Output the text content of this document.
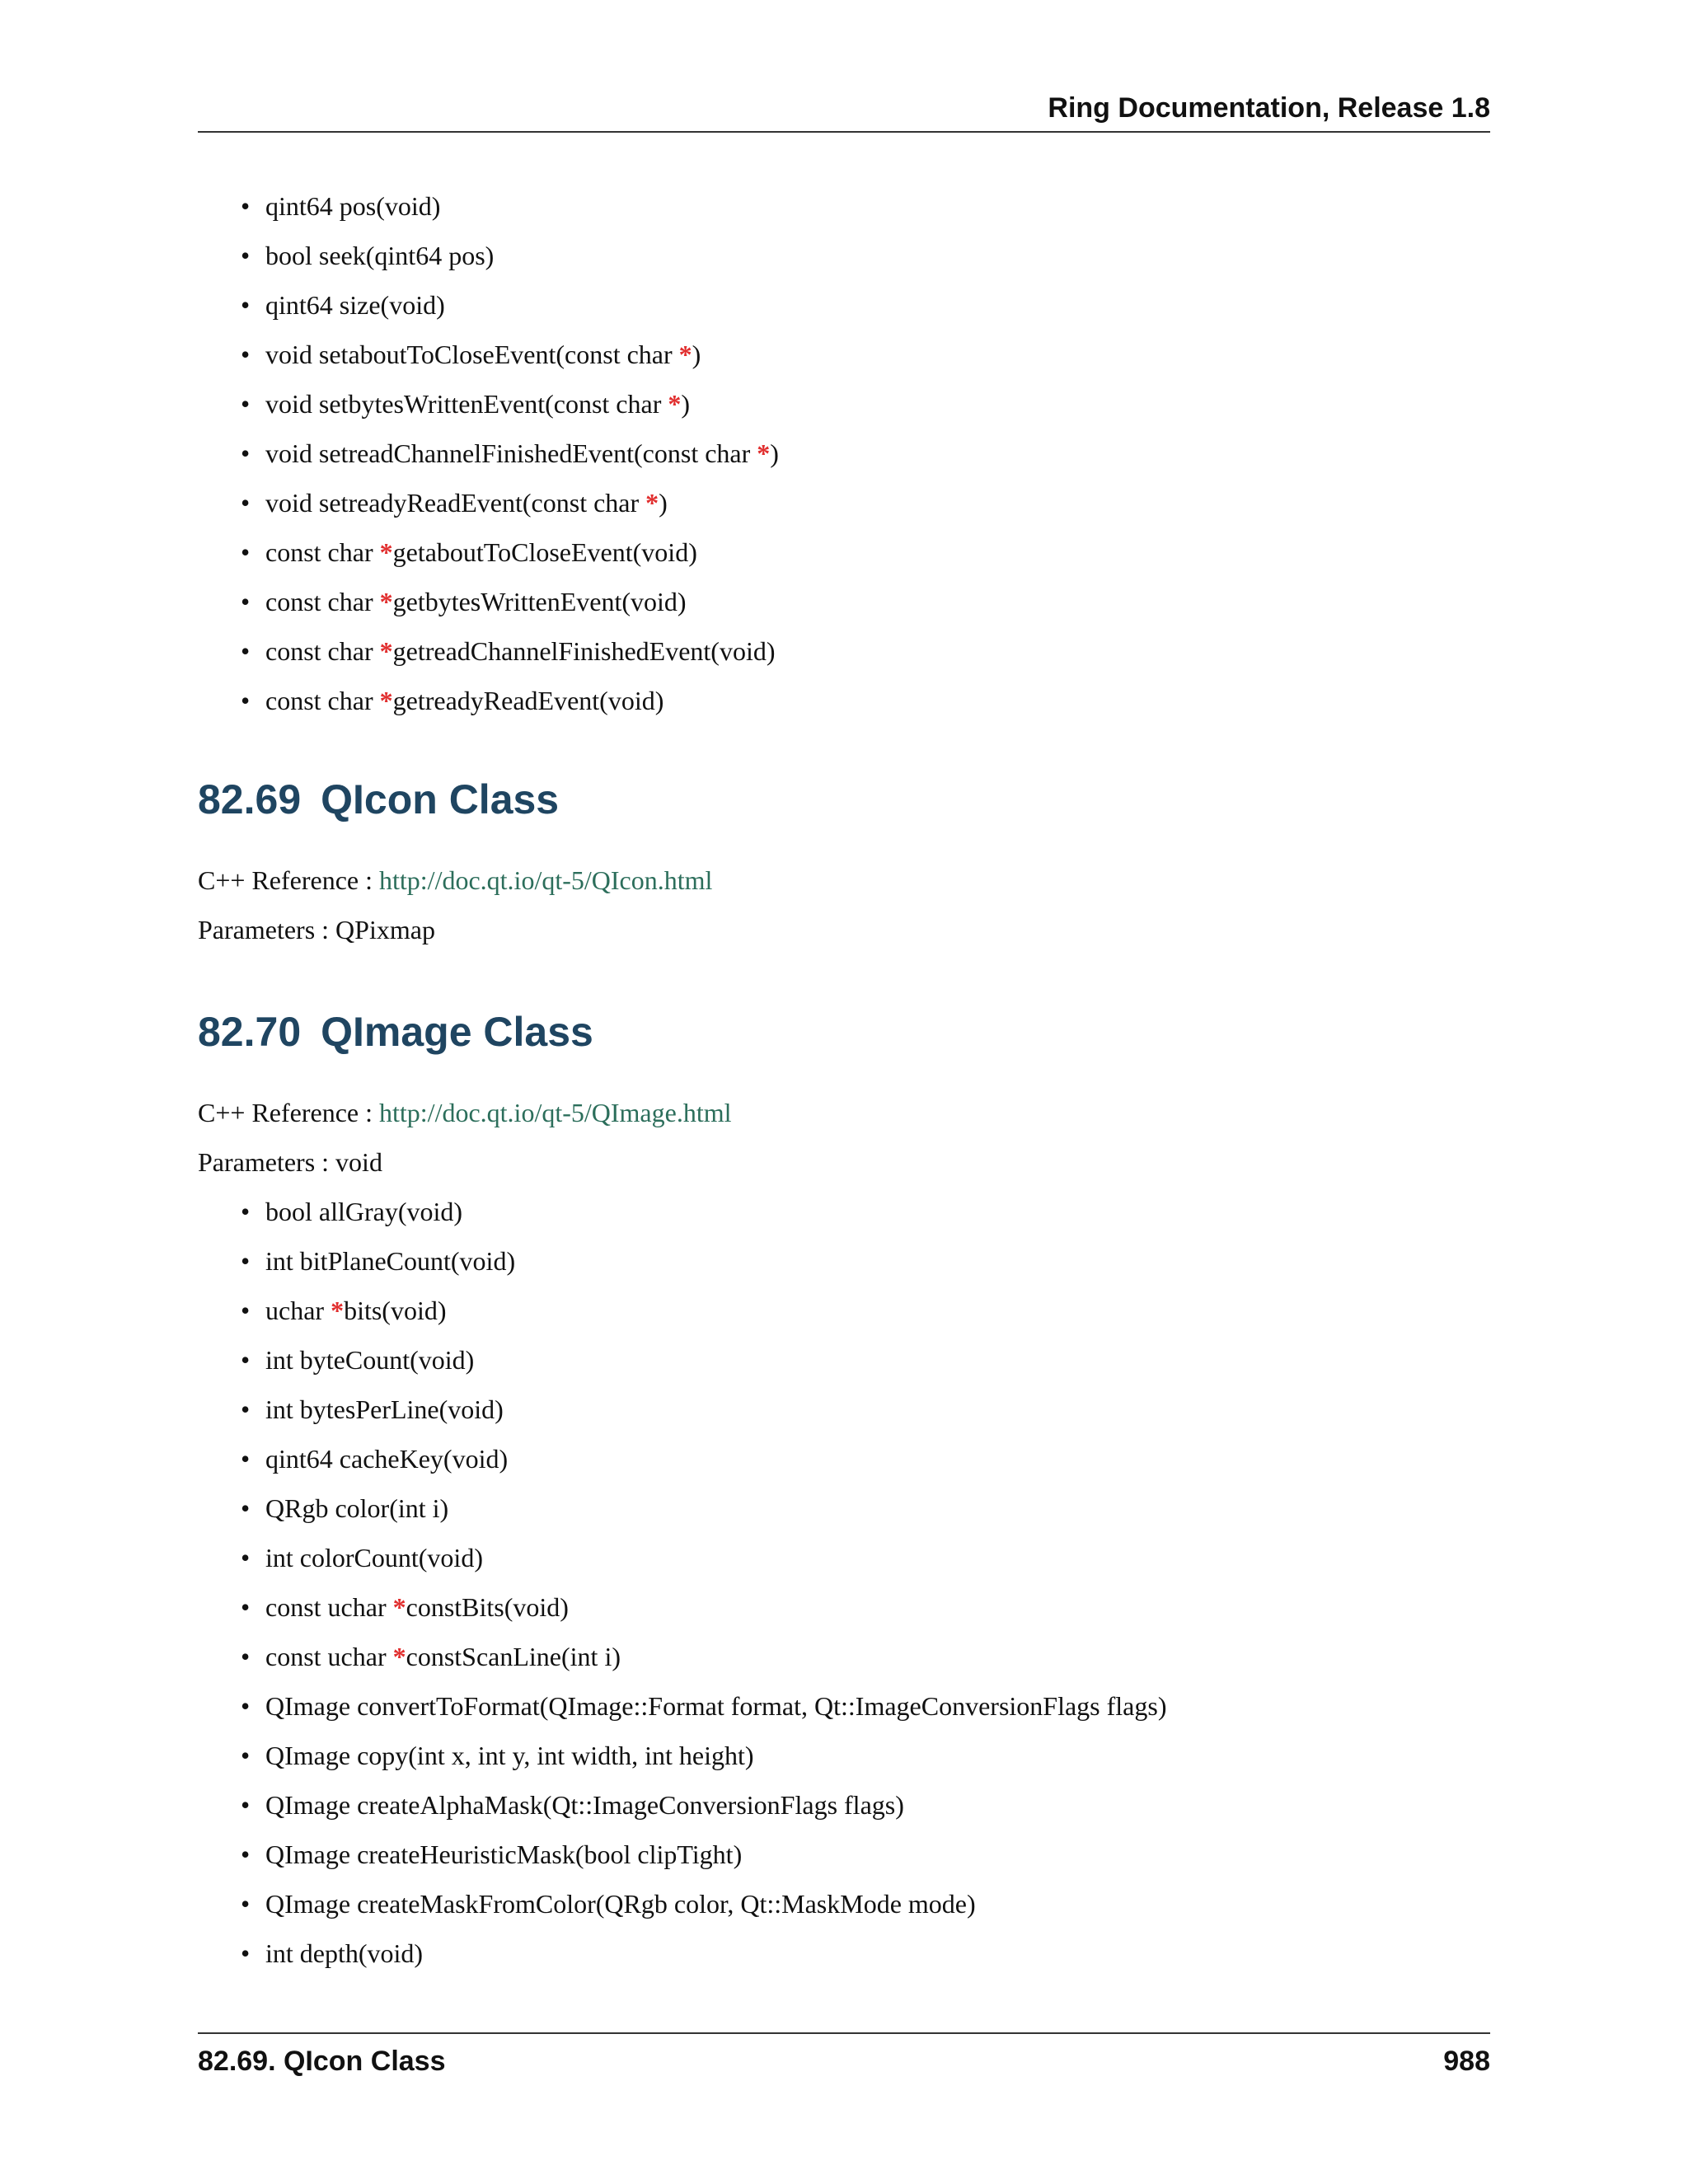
Ring Documentation, Release 1.8
• qint64 pos(void)
• bool seek(qint64 pos)
• qint64 size(void)
• void setaboutToCloseEvent(const char *)
• void setbytesWrittenEvent(const char *)
• void setreadChannelFinishedEvent(const char *)
• void setreadyReadEvent(const char *)
• const char *getaboutToCloseEvent(void)
• const char *getbytesWrittenEvent(void)
• const char *getreadChannelFinishedEvent(void)
• const char *getreadyReadEvent(void)
82.69 QIcon Class

C++ Reference : http://doc.qt.io/qt-5/QIcon.html

Parameters : QPixmap

82.70 QImage Class

C++ Reference : http://doc.qt.io/qt-5/QImage.html

Parameters : void

• bool allGray(void)
• int bitPlaneCount(void)
• uchar *bits(void)
• int byteCount(void)
• int bytesPerLine(void)
• qint64 cacheKey(void)
• QRgb color(int i)
• int colorCount(void)
• const uchar *constBits(void)
• const uchar *constScanLine(int i)
• QImage convertToFormat(QImage::Format format, Qt::ImageConversionFlags flags)
• QImage copy(int x, int y, int width, int height)
• QImage createAlphaMask(Qt::ImageConversionFlags flags)
• QImage createHeuristicMask(bool clipTight)
• QImage createMaskFromColor(QRgb color, Qt::MaskMode mode)
• int depth(void)
82.69. QIcon Class	988
